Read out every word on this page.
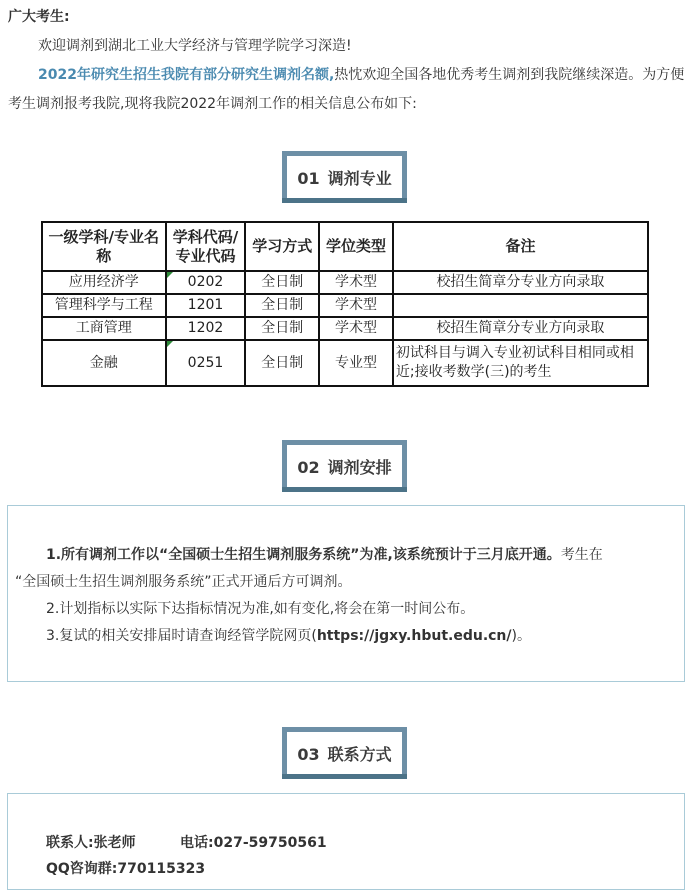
广大考生:
欢迎调剂到湖北工业大学经济与管理学院学习深造!
2022年研究生招生我院有部分研究生调剂名额,热忱欢迎全国各地优秀考生调剂到我院继续深造。为方便考生调剂报考我院,现将我院2022年调剂工作的相关信息公布如下:
01 调剂专业
一级学科/专业名称	学科代码/专业代码	学习方式	学位类型	备注
应用经济学	0202	全日制	学术型	校招生简章分专业方向录取
管理科学与工程	1201	全日制	学术型	
工商管理	1202	全日制	学术型	校招生简章分专业方向录取
金融	0251	全日制	专业型	初试科目与调入专业初试科目相同或相近;接收考数学(三)的考生
02 调剂安排
1.所有调剂工作以“全国硕士生招生调剂服务系统”为准,该系统预计于三月底开通。考生在
“全国硕士生招生调剂服务系统”正式开通后方可调剂。
2.计划指标以实际下达指标情况为准,如有变化,将会在第一时间公布。
3.复试的相关安排届时请查询经管学院网页(https://jgxy.hbut.edu.cn/)。
03 联系方式
联系人:张老师	电话:027-59750561
QQ咨询群:770115323
